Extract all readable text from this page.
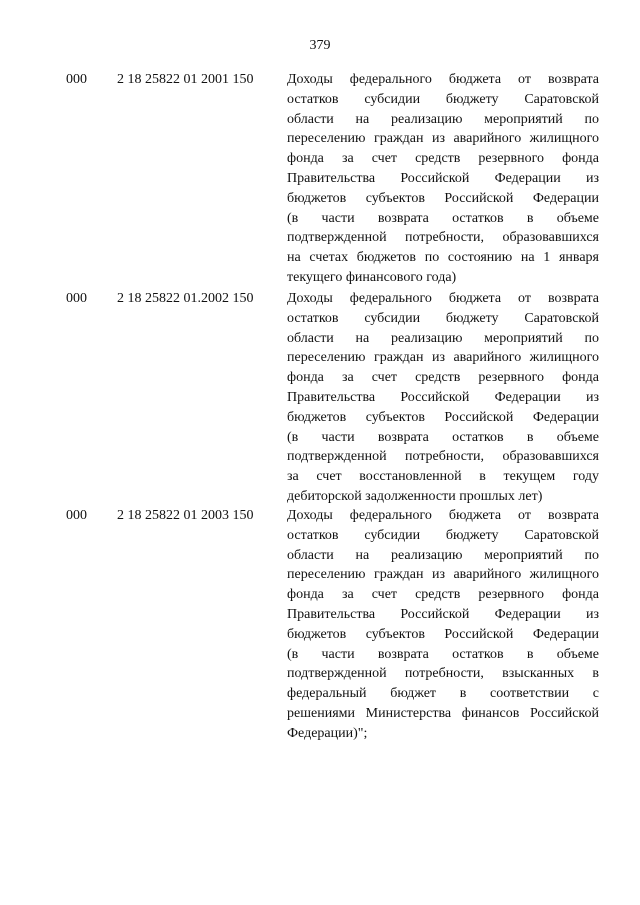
379
000 2 18 25822 01 2001 150 Доходы федерального бюджета от возврата
остатков субсидии бюджету Саратовской
области на реализацию мероприятий по
переселению граждан из аварийного жилищного
фонда за счет средств резервного фонда
Правительства Российской Федерации из
бюджетов субъектов Российской Федерации
(в части возврата остатков в объеме
подтвержденной потребности, образовавшихся
на счетах бюджетов по состоянию на 1 января
текущего финансового года)
000 2 18 25822 01.2002 150 Доходы федерального бюджета от возврата
остатков субсидии бюджету Саратовской
области на реализацию мероприятий по
переселению граждан из аварийного жилищного
фонда за счет средств резервного фонда
Правительства Российской Федерации из
бюджетов субъектов Российской Федерации
(в части возврата остатков в объеме
подтвержденной потребности, образовавшихся
за счет восстановленной в текущем году
дебиторской задолженности прошлых лет)
000 2 18 25822 01 2003 150 Доходы федерального бюджета от возврата
остатков субсидии бюджету Саратовской
области на реализацию мероприятий по
переселению граждан из аварийного жилищного
фонда за счет средств резервного фонда
Правительства Российской Федерации из
бюджетов субъектов Российской Федерации
(в части возврата остатков в объеме
подтвержденной потребности, взысканных в
федеральный бюджет в соответствии с
решениями Министерства финансов Российской
Федерации)";
